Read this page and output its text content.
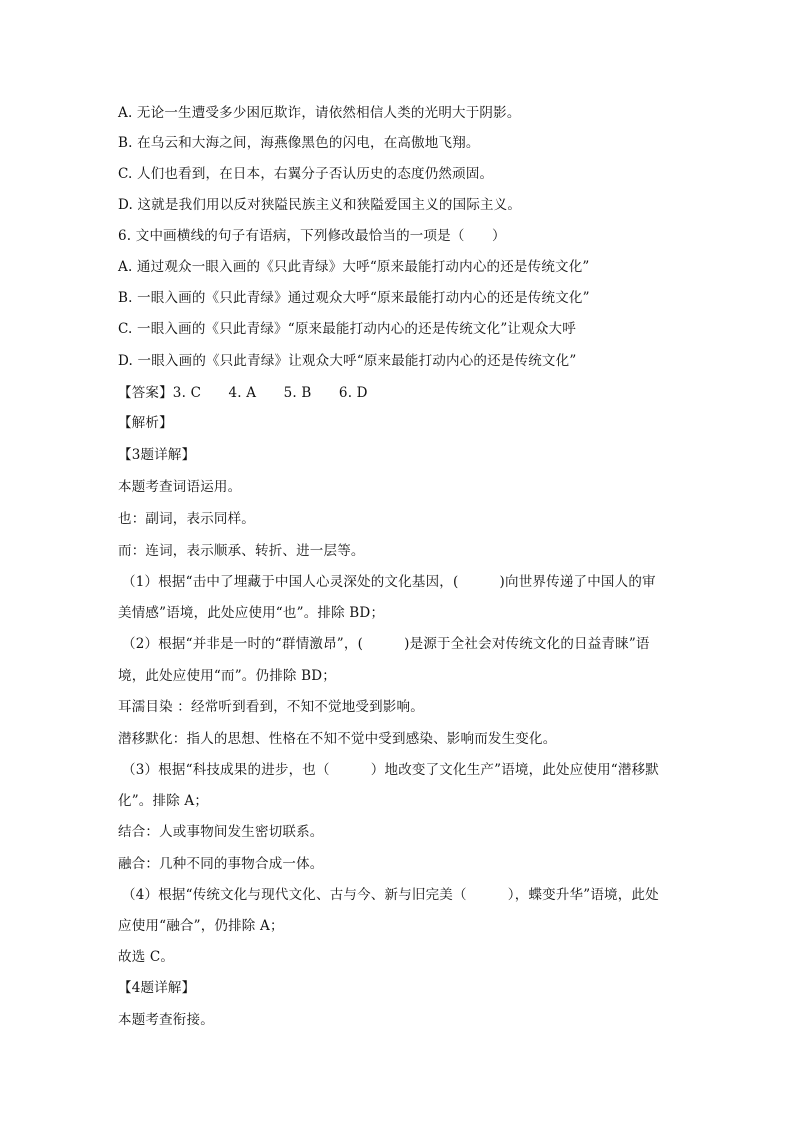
A. 无论一生遭受多少困厄欺诈，请依然相信人类的光明大于阴影。
B. 在乌云和大海之间，海燕像黑色的闪电，在高傲地飞翔。
C. 人们也看到，在日本，右翼分子否认历史的态度仍然顽固。
D. 这就是我们用以反对狭隘民族主义和狭隘爱国主义的国际主义。
6. 文中画横线的句子有语病，下列修改最恰当的一项是（　　）
A. 通过观众一眼入画的《只此青绿》大呼“原来最能打动内心的还是传统文化”
B. 一眼入画的《只此青绿》通过观众大呼“原来最能打动内心的还是传统文化”
C. 一眼入画的《只此青绿》“原来最能打动内心的还是传统文化”让观众大呼
D. 一眼入画的《只此青绿》让观众大呼“原来最能打动内心的还是传统文化”
【答案】3. C　　4. A　　5. B　　6. D
【解析】
【3题详解】
本题考查词语运用。
也：副词，表示同样。
而：连词，表示顺承、转折、进一层等。
（1）根据“击中了埋藏于中国人心灵深处的文化基因，(　　　)向世界传递了中国人的审
美情感”语境，此处应使用“也”。排除 BD；
（2）根据“并非是一时的“群情激昂”，(　　　)是源于全社会对传统文化的日益青睐”语
境，此处应使用“而”。仍排除 BD；
耳濡目染 ：经常听到看到，不知不觉地受到影响。
潜移默化：指人的思想、性格在不知不觉中受到感染、影响而发生变化。
（3）根据“科技成果的进步，也（　　　）地改变了文化生产”语境，此处应使用“潜移默
化”。排除 A；
结合：人或事物间发生密切联系。
融合：几种不同的事物合成一体。
（4）根据“传统文化与现代文化、古与今、新与旧完美（　　　），蝶变升华”语境，此处
应使用“融合”，仍排除 A；
故选 C。
【4题详解】
本题考查衔接。
